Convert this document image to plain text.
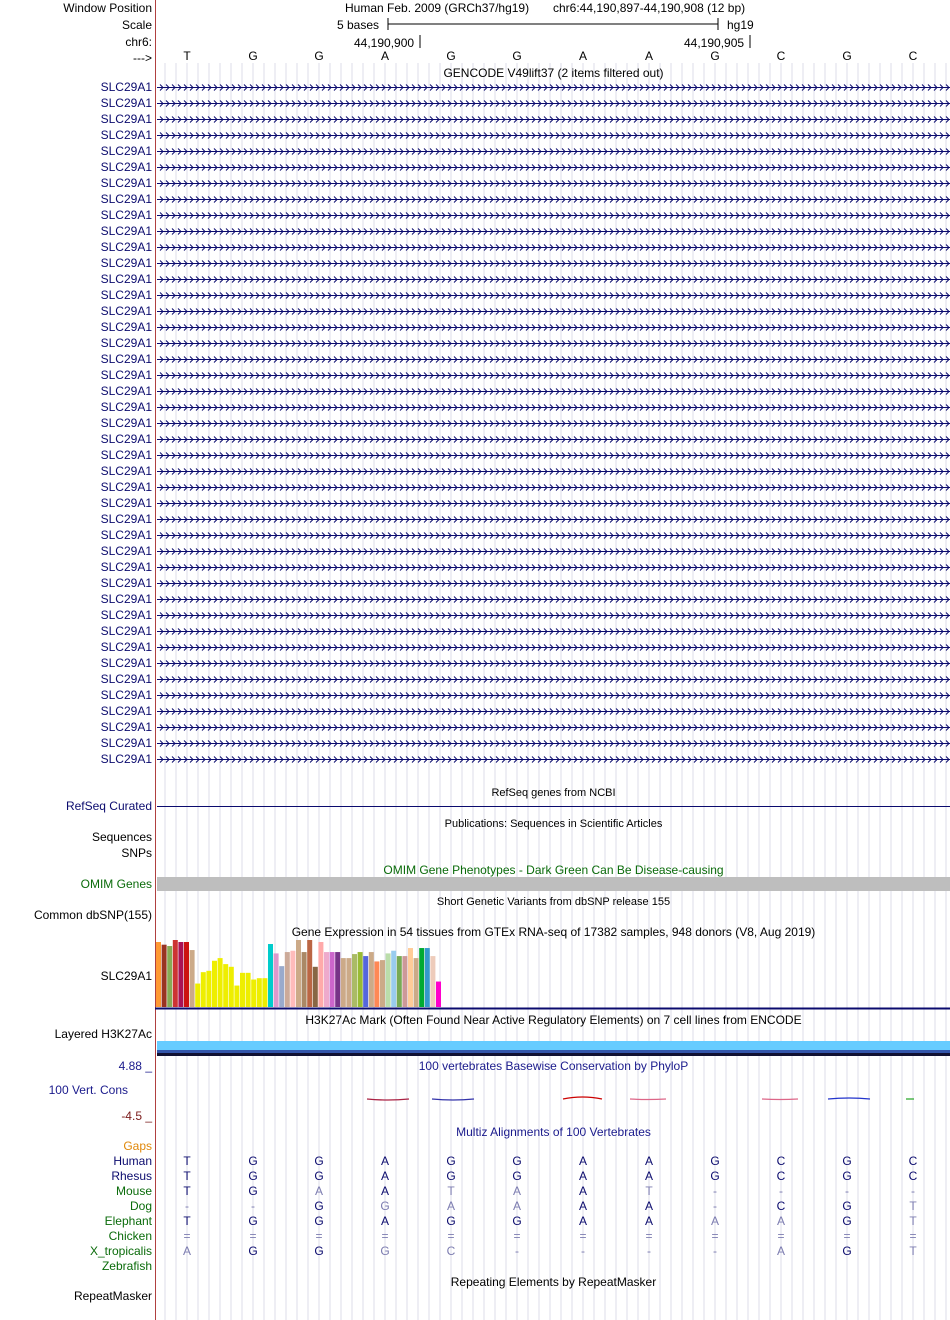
Window Position
Scale
chr6:
--->
Human Feb. 2009 (GRCh37/hg19) chr6:44,190,897-44,190,908 (12 bp)
5 bases	hg19
44,190,900	44,190,905
T	G	G	A	G	G	A	A	G	C	G	C
GENCODE V49lift37 (2 items filtered out)
SLC29A1
SLC29A1
SLC29A1
SLC29A1
SLC29A1
SLC29A1
SLC29A1
SLC29A1
SLC29A1
SLC29A1
SLC29A1
SLC29A1
SLC29A1
SLC29A1
SLC29A1
SLC29A1
SLC29A1
SLC29A1
SLC29A1
SLC29A1
SLC29A1
SLC29A1
SLC29A1
SLC29A1
SLC29A1
SLC29A1
SLC29A1
SLC29A1
SLC29A1
SLC29A1
SLC29A1
SLC29A1
SLC29A1
SLC29A1
SLC29A1
SLC29A1
SLC29A1
SLC29A1
SLC29A1
SLC29A1
SLC29A1
SLC29A1
SLC29A1
RefSeq genes from NCBI
RefSeq Curated
Publications: Sequences in Scientific Articles
Sequences
SNPs
OMIM Gene Phenotypes - Dark Green Can Be Disease-causing
OMIM Genes
Short Genetic Variants from dbSNP release 155
Common dbSNP(155)
Gene Expression in 54 tissues from GTEx RNA-seq of 17382 samples, 948 donors (V8, Aug 2019)
SLC29A1
H3K27Ac Mark (Often Found Near Active Regulatory Elements) on 7 cell lines from ENCODE
Layered H3K27Ac
100 vertebrates Basewise Conservation by PhyloP
4.88 _
100 Vert. Cons
-4.5 _
Multiz Alignments of 100 Vertebrates
Gaps
Human	T	G	G	A	G	G	A	A	G	C	G	C
Rhesus	T	G	G	A	G	G	A	A	G	C	G	C
Mouse	T	G	A	A	T	A	A	T	-	-	-	-
Dog	-	-	G	G	A	A	A	A	-	C	G	T
Elephant	T	G	G	A	G	G	A	A	A	A	G	T
Chicken	=	=	=	=	=	=	=	=	=	=	=	=
X_tropicalis	A	G	G	G	C	-	-	-	-	A	G	T
Zebrafish
Repeating Elements by RepeatMasker
RepeatMasker
